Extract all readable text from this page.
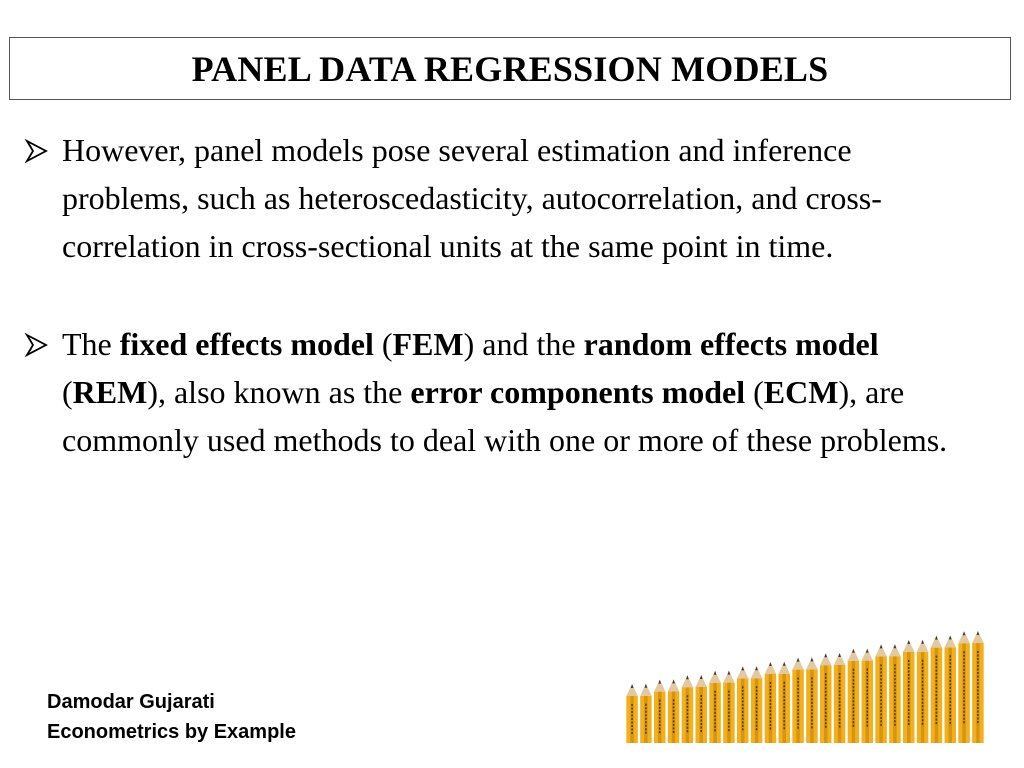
PANEL DATA REGRESSION MODELS
However, panel models pose several estimation and inference problems, such as heteroscedasticity, autocorrelation, and cross-correlation in cross-sectional units at the same point in time.
The fixed effects model (FEM) and the random effects model (REM), also known as the error components model (ECM), are commonly used methods to deal with one or more of these problems.
Damodar Gujarati
Econometrics by Example
